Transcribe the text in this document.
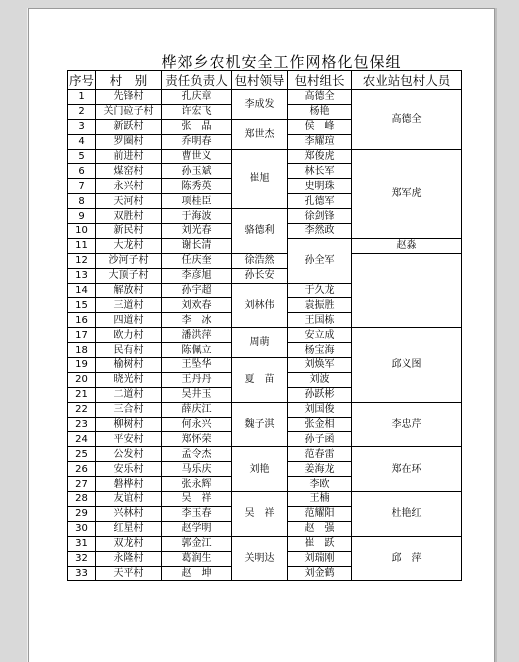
桦郊乡农机安全工作网格化包保组
序号	村　别	责任负责人	包村领导	包村组长	农业站包村人员	
1	先锋村	孔庆章	李成发	高德全	高德全	
2	关门砬子村	许宏飞		杨艳		
3	新跃村	张　晶	郑世杰	侯　峰		
4	罗圈村	乔明春		李耀瑄		
5	前进村	曹世义	崔旭	郑俊虎	郑军虎	
6	煤窑村	孙玉斌		林长军		
7	永兴村	陈秀英		史明珠		
8	天河村	项桂臣		孔德军		
9	双胜村	于海波	骆德利	徐剑锋		
10	新民村	刘光春		李然政		
11	大龙村	谢长清		孙全军	赵淼	
12	沙河子村	任庆奎	徐浩然			
13	大顶子村	李彦旭	孙长安			
14	解放村	孙宇超	刘林伟	于久龙		
15	三道村	刘欢春		袁振胜		
16	四道村	李　冰		王国栋		
17	欧力村	潘洪萍	周萌	安立成	邱义图	
18	民有村	陈佩立		杨宝海		
19	榆树村	王坠华	夏　苗	刘焕军		
20	晓光村	王丹丹		刘波		
21	二道村	吴井玉		孙跃彬		
22	三合村	薛庆江	魏子淇	刘国俊	李忠芹	
23	柳树村	何永兴		张金相		
24	平安村	郑怀荣		孙子函		
25	公发村	孟令杰	刘艳	范春雷	郑在环	
26	安乐村	马乐庆		姜海龙		
27	磐桦村	张永辉		李欧		
28	友谊村	吴　祥	吴　祥	王楠	杜艳红	
29	兴林村	李玉春		范耀阳		
30	红星村	赵学明		赵　强		
31	双龙村	郭金江	关明达	崔　跃	邱　萍	
32	永隆村	葛润生		刘瑞刚		
33	天平村	赵　坤		刘金鹤		
